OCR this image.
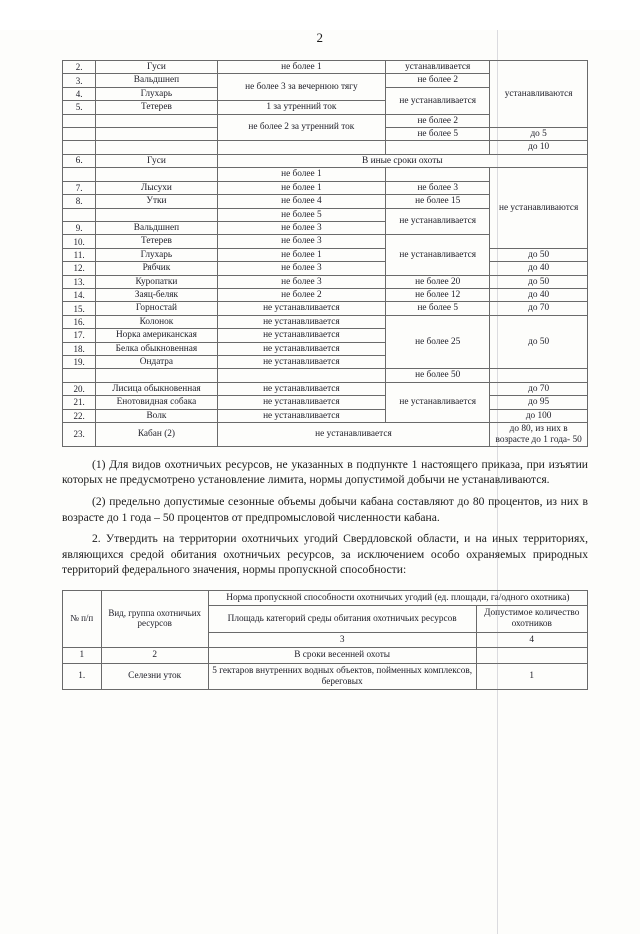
2
2.	Гуси	не более 1	устанавливается	устанавливаются
3.	Вальдшнеп	не более 3 за вечернюю тягу	не более 2	
4.	Глухарь		не устанавливается	
5.	Тетерев	1 за утренний ток		
		не более 2 за утренний ток	не более 2	
			не более 5	до 5
				до 10
6.	Гуси	В иные сроки охоты		
		не более 1		не устанавливаются
7.	Лысухи	не более 1	не более 3	
8.	Утки	не более 4	не более 15	
		не более 5	не устанавливается	
9.	Вальдшнеп	не более 3		
10.	Тетерев	не более 3	не устанавливается	
11.	Глухарь	не более 1		до 50
12.	Рябчик	не более 3		до 40
13.	Куропатки	не более 3	не более 20	до 50
14.	Заяц-беляк	не более 2	не более 12	до 40
15.	Горностай	не устанавливается	не более 5	до 70
16.	Колонок	не устанавливается	не более 25	до 50
17.	Норка американская	не устанавливается		
18.	Белка обыкновенная	не устанавливается		
19.	Ондатра	не устанавливается		
			не более 50	
20.	Лисица обыкновенная	не устанавливается	не устанавливается	до 70
21.	Енотовидная собака	не устанавливается		до 95
22.	Волк	не устанавливается		до 100
23.	Кабан (2)	не устанавливается		до 80, из них в возрасте до 1 года- 50

(1) Для видов охотничьих ресурсов, не указанных в подпункте 1 настоящего приказа, при изъятии которых не предусмотрено установление лимита, нормы допустимой добычи не устанавливаются.

(2) предельно допустимые сезонные объемы добычи кабана составляют до 80 процентов, из них в возрасте до 1 года – 50 процентов от предпромысловой численности кабана.

2. Утвердить на территории охотничьих угодий Свердловской области, и на иных территориях, являющихся средой обитания охотничьих ресурсов, за исключением особо охраняемых природных территорий федерального значения, нормы пропускной способности:

№ п/п	Вид, группа охотничьих ресурсов	Норма пропускной способности охотничьих угодий (ед. площади, га/одного охотника)	
		Площадь категорий среды обитания охотничьих ресурсов	Допустимое количество охотников
		3	4
1	2	В сроки весенней охоты	
1.	Селезни уток	5 гектаров внутренних водных объектов, пойменных комплексов, береговых	1
